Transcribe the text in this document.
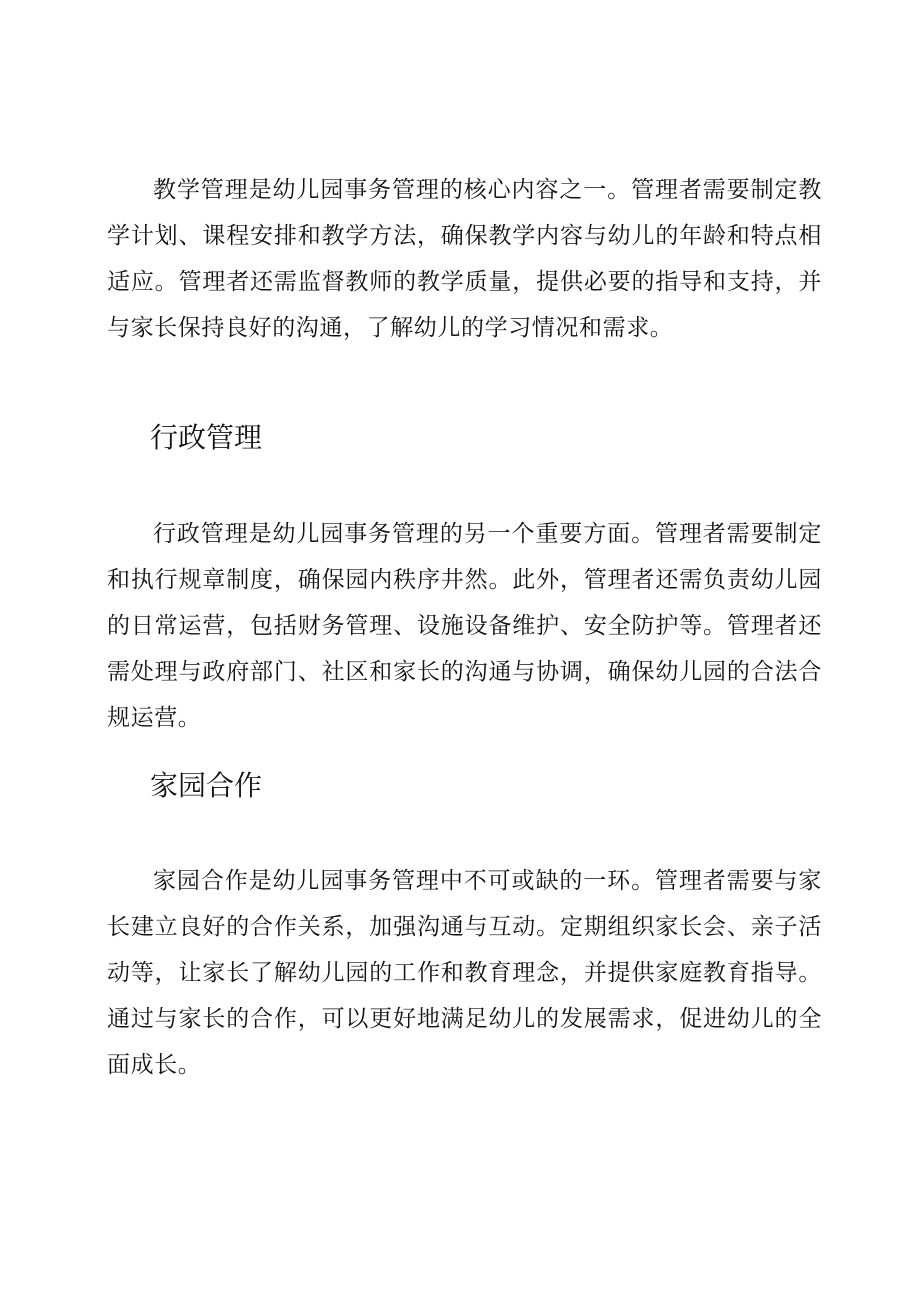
教学管理是幼儿园事务管理的核心内容之一。管理者需要制定教学计划、课程安排和教学方法，确保教学内容与幼儿的年龄和特点相适应。管理者还需监督教师的教学质量，提供必要的指导和支持，并与家长保持良好的沟通，了解幼儿的学习情况和需求。

行政管理

行政管理是幼儿园事务管理的另一个重要方面。管理者需要制定和执行规章制度，确保园内秩序井然。此外，管理者还需负责幼儿园的日常运营，包括财务管理、设施设备维护、安全防护等。管理者还需处理与政府部门、社区和家长的沟通与协调，确保幼儿园的合法合规运营。

家园合作

家园合作是幼儿园事务管理中不可或缺的一环。管理者需要与家长建立良好的合作关系，加强沟通与互动。定期组织家长会、亲子活动等，让家长了解幼儿园的工作和教育理念，并提供家庭教育指导。通过与家长的合作，可以更好地满足幼儿的发展需求，促进幼儿的全面成长。
